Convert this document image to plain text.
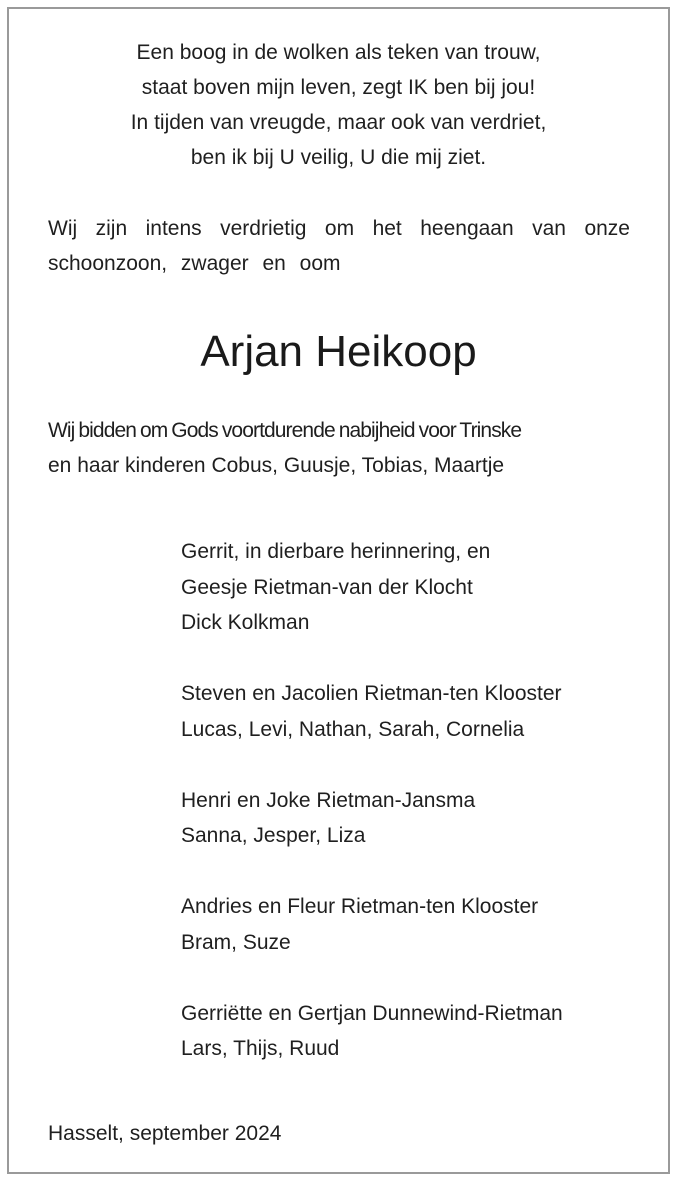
Een boog in de wolken als teken van trouw,
staat boven mijn leven, zegt IK ben bij jou!
In tijden van vreugde, maar ook van verdriet,
ben ik bij U veilig, U die mij ziet.
Wij zijn intens verdrietig om het heengaan van onze schoonzoon, zwager en oom
Arjan Heikoop
Wij bidden om Gods voortdurende nabijheid voor Trinske
en haar kinderen Cobus, Guusje, Tobias, Maartje
Gerrit, in dierbare herinnering, en
Geesje Rietman-van der Klocht
Dick Kolkman
Steven en Jacolien Rietman-ten Klooster
Lucas, Levi, Nathan, Sarah, Cornelia
Henri en Joke Rietman-Jansma
Sanna, Jesper, Liza
Andries en Fleur Rietman-ten Klooster
Bram, Suze
Gerriëtte en Gertjan Dunnewind-Rietman
Lars, Thijs, Ruud
Hasselt, september 2024
